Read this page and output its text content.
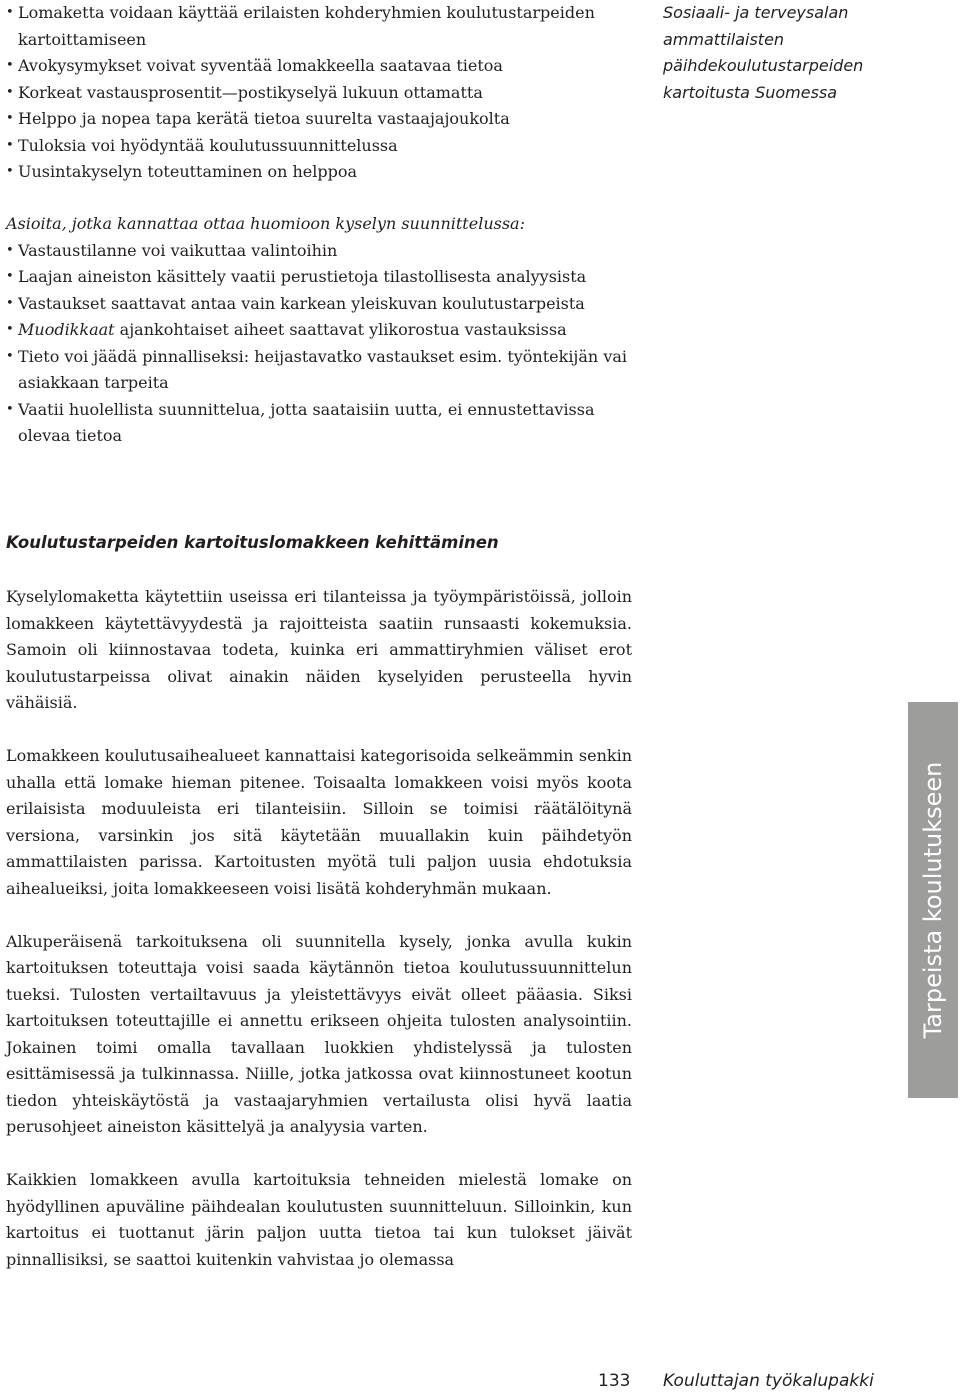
• Lomaketta voidaan käyttää erilaisten kohderyhmien koulutustarpeiden kartoittamiseen
• Avokysymykset voivat syventää lomakkeella saatavaa tietoa
• Korkeat vastausprosentit—postikyselyä lukuun ottamatta
• Helppo ja nopea tapa kerätä tietoa suurelta vastaajajoukolta
• Tuloksia voi hyödyntää koulutussuunnittelussa
• Uusintakyselyn toteuttaminen on helppoa
Asioita, jotka kannattaa ottaa huomioon kyselyn suunnittelussa:
• Vastaustilanne voi vaikuttaa valintoihin
• Laajan aineiston käsittely vaatii perustietoja tilastollisesta analyysista
• Vastaukset saattavat antaa vain karkean yleiskuvan koulutustarpeista
• Muodikkaat ajankohtaiset aiheet saattavat ylikorostua vastauksissa
• Tieto voi jäädä pinnalliseksi: heijastavatko vastaukset esim. työntekijän vai asiakkaan tarpeita
• Vaatii huolellista suunnittelua, jotta saataisiin uutta, ei ennustettavissa olevaa tietoa
Koulutustarpeiden kartoituslomakkeen kehittäminen

Kyselylomaketta käytettiin useissa eri tilanteissa ja työympäristöissä, jolloin lomakkeen käytettävyydestä ja rajoitteista saatiin runsaasti kokemuksia. Samoin oli kiinnostavaa todeta, kuinka eri ammattiryhmien väliset erot koulutustarpeissa olivat ainakin näiden kyselyiden perusteella hyvin vähäisiä.

Lomakkeen koulutusaihealueet kannattaisi kategorisoida selkeämmin senkin uhalla että lomake hieman pitenee. Toisaalta lomakkeen voisi myös koota erilaisista moduuleista eri tilanteisiin. Silloin se toimisi räätälöitynä versiona, varsinkin jos sitä käytetään muuallakin kuin päihdetyön ammattilaisten parissa. Kartoitusten myötä tuli paljon uusia ehdotuksia aihealueiksi, joita lomakkeeseen voisi lisätä kohderyhmän mukaan.

Alkuperäisenä tarkoituksena oli suunnitella kysely, jonka avulla kukin kartoituksen toteuttaja voisi saada käytännön tietoa koulutussuunnittelun tueksi. Tulosten vertailtavuus ja yleistettävyys eivät olleet pääasia. Siksi kartoituksen toteuttajille ei annettu erikseen ohjeita tulosten analysointiin. Jokainen toimi omalla tavallaan luokkien yhdistelyssä ja tulosten esittämisessä ja tulkinnassa. Niille, jotka jatkossa ovat kiinnostuneet kootun tiedon yhteiskäytöstä ja vastaajaryhmien vertailusta olisi hyvä laatia perusohjeet aineiston käsittelyä ja analyysia varten.

Kaikkien lomakkeen avulla kartoituksia tehneiden mielestä lomake on hyödyllinen apuväline päihdealan koulutusten suunnitteluun. Silloinkin, kun kartoitus ei tuottanut järin paljon uutta tietoa tai kun tulokset jäivät pinnallisiksi, se saattoi kuitenkin vahvistaa jo olemassa

Sosiaali- ja terveysalan ammattilaisten päihdekoulutustarpeiden kartoitusta Suomessa
Tarpeista koulutukseen
133 Kouluttajan työkalupakki
